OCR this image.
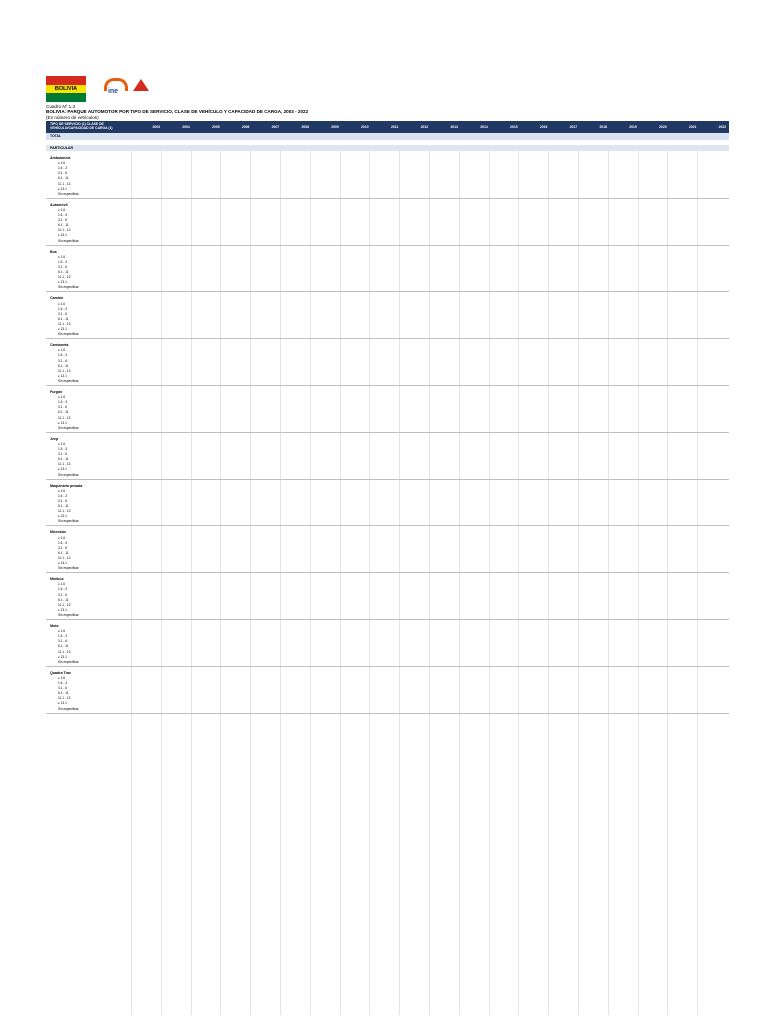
BOLIVIA	ine
Cuadro Nº 1.3
BOLIVIA: PARQUE AUTOMOTOR POR TIPO DE SERVICIO, CLASE DE VEHÍCULO Y CAPACIDAD DE CARGA, 2003 - 2022
(En número de vehículos)
TIPO DE SERVICIO (1) CLASE DE VEHÍCULO/CAPACIDAD DE CARGA (1)	2003	2004	2005	2006	2007	2008	2009	2010	2011	2012	2013	2014	2015	2016	2017	2018	2019	2020	2021	2022
TOTAL
PARTICULAR
Ambulancia
≤ 1.6
1.6 - 3
3.1 - 6
6.1 - 11
11.1 - 13
≥ 13.1
Sin especificar
Automóvil
≤ 1.6
1.6 - 3
3.1 - 6
6.1 - 11
11.1 - 13
≥ 13.1
Sin especificar
Bus
≤ 1.6
1.6 - 3
3.1 - 6
6.1 - 11
11.1 - 13
≥ 13.1
Sin especificar
Camión
≤ 1.6
1.6 - 3
3.1 - 6
6.1 - 11
11.1 - 13
≥ 13.1
Sin especificar
Camioneta
≤ 1.6
1.6 - 3
3.1 - 6
6.1 - 11
11.1 - 13
≥ 13.1
Sin especificar
Furgón
≤ 1.6
1.6 - 3
3.1 - 6
6.1 - 11
11.1 - 13
≥ 13.1
Sin especificar
Jeep
≤ 1.6
1.6 - 3
3.1 - 6
6.1 - 11
11.1 - 13
≥ 13.1
Sin especificar
Maquinaria pesada
≤ 1.6
1.6 - 3
3.1 - 6
6.1 - 11
11.1 - 13
≥ 13.1
Sin especificar
Microbús
≤ 1.6
1.6 - 3
3.1 - 6
6.1 - 11
11.1 - 13
≥ 13.1
Sin especificar
Minibús
≤ 1.6
1.6 - 3
3.1 - 6
6.1 - 11
11.1 - 13
≥ 13.1
Sin especificar
Moto
≤ 1.6
1.6 - 3
3.1 - 6
6.1 - 11
11.1 - 13
≥ 13.1
Sin especificar
Quadra Trac
≤ 1.6
1.6 - 3
3.1 - 6
6.1 - 11
11.1 - 13
≥ 13.1
Sin especificar
